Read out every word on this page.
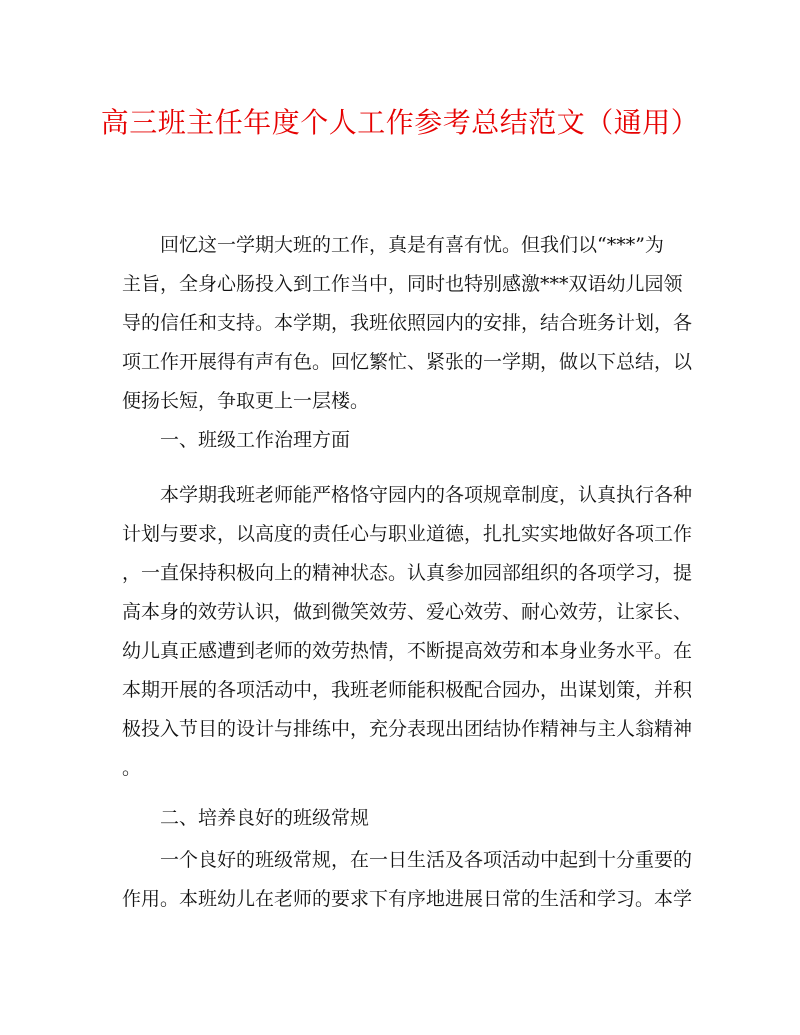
高三班主任年度个人工作参考总结范文（通用）
回忆这一学期大班的工作，真是有喜有忧。但我们以“***”为
主旨，全身心肠投入到工作当中，同时也特别感激***双语幼儿园领
导的信任和支持。本学期，我班依照园内的安排，结合班务计划，各
项工作开展得有声有色。回忆繁忙、紧张的一学期，做以下总结，以
便扬长短，争取更上一层楼。
一、班级工作治理方面
本学期我班老师能严格恪守园内的各项规章制度，认真执行各种
计划与要求，以高度的责任心与职业道德，扎扎实实地做好各项工作
，一直保持积极向上的精神状态。认真参加园部组织的各项学习，提
高本身的效劳认识，做到微笑效劳、爱心效劳、耐心效劳，让家长、
幼儿真正感遭到老师的效劳热情，不断提高效劳和本身业务水平。在
本期开展的各项活动中，我班老师能积极配合园办，出谋划策，并积
极投入节目的设计与排练中，充分表现出团结协作精神与主人翁精神
。
二、培养良好的班级常规
一个良好的班级常规，在一日生活及各项活动中起到十分重要的
作用。本班幼儿在老师的要求下有序地进展日常的生活和学习。本学
